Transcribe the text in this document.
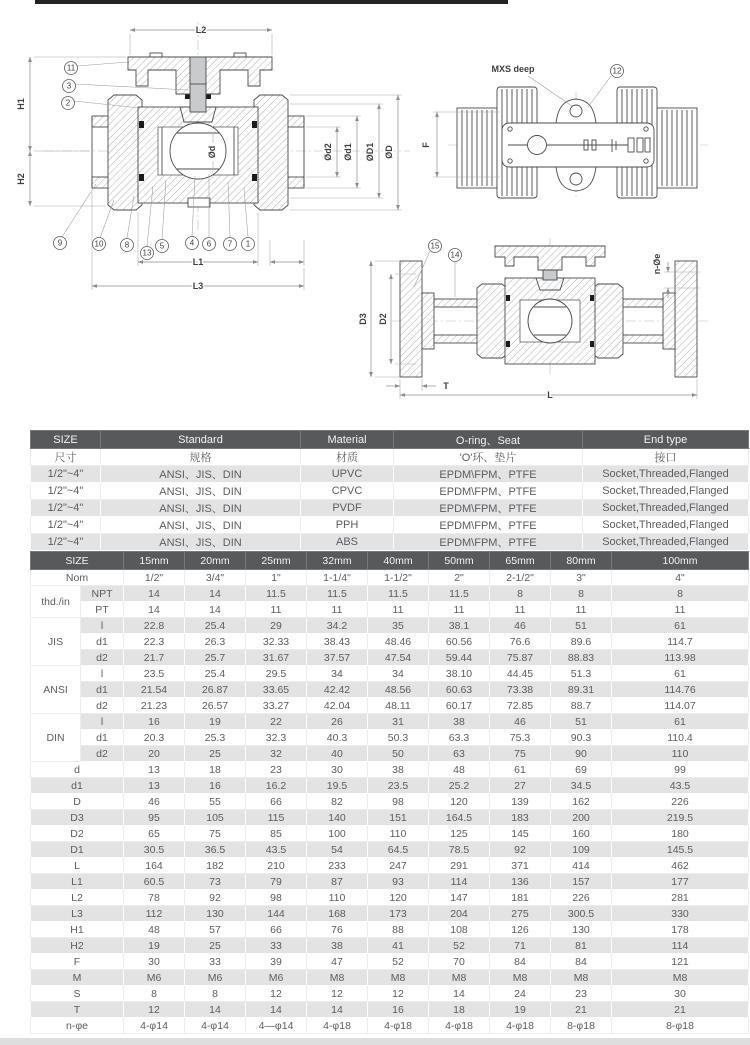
L2
H1
H2
L1
L3
Ød2 Ød1 ØD1 ØD
Ød
11
3
2
9	10	8
13
5	4 6 7 1
MXS deep
F
12
D3 D2
T
L
n-Øe
15
14
SIZE	Standard	Material	O-ring、Seat	End type
尺寸	规格	材质	'O'环、垫片	接口
1/2"~4"	ANSI、JIS、DIN	UPVC	EPDM\FPM、PTFE	Socket,Threaded,Flanged
1/2"~4"	ANSI、JIS、DIN	CPVC	EPDM\FPM、PTFE	Socket,Threaded,Flanged
1/2"~4"	ANSI、JIS、DIN	PVDF	EPDM\FPM、PTFE	Socket,Threaded,Flanged
1/2"~4"	ANSI、JIS、DIN	PPH	EPDM\FPM、PTFE	Socket,Threaded,Flanged
1/2"~4"	ANSI、JIS、DIN	ABS	EPDM\FPM、PTFE	Socket,Threaded,Flanged
SIZE		15mm	20mm	25mm	32mm	40mm	50mm	65mm	80mm	100mm
Nom		1/2"	3/4"	1"	1-1/4"	1-1/2"	2"	2-1/2"	3"	4"
thd./in	NPT	14	14	11.5	11.5	11.5	11.5	8	8	8
	PT	14	14	11	11	11	11	11	11	11
JIS	l	22.8	25.4	29	34.2	35	38.1	46	51	61
	d1	22.3	26.3	32.33	38.43	48.46	60.56	76.6	89.6	114.7
	d2	21.7	25.7	31.67	37.57	47.54	59.44	75.87	88.83	113.98
ANSI	l	23.5	25.4	29.5	34	34	38.10	44.45	51.3	61
	d1	21.54	26.87	33.65	42.42	48.56	60.63	73.38	89.31	114.76
	d2	21.23	26.57	33.27	42.04	48.11	60.17	72.85	88.7	114.07
DIN	l	16	19	22	26	31	38	46	51	61
	d1	20.3	25.3	32.3	40.3	50.3	63.3	75.3	90.3	110.4
	d2	20	25	32	40	50	63	75	90	110
d		13	18	23	30	38	48	61	69	99
d1		13	16	16.2	19.5	23.5	25.2	27	34.5	43.5
D		46	55	66	82	98	120	139	162	226
D3		95	105	115	140	151	164.5	183	200	219.5
D2		65	75	85	100	110	125	145	160	180
D1		30.5	36.5	43.5	54	64.5	78.5	92	109	145.5
L		164	182	210	233	247	291	371	414	462
L1		60.5	73	79	87	93	114	136	157	177
L2		78	92	98	110	120	147	181	226	281
L3		112	130	144	168	173	204	275	300.5	330
H1		48	57	66	76	88	108	126	130	178
H2		19	25	33	38	41	52	71	81	114
F		30	33	39	47	52	70	84	84	121
M		M6	M6	M6	M8	M8	M8	M8	M8	M8
S		8	8	12	12	12	14	24	23	30
T		12	14	14	14	16	18	19	21	21
n-φe		4-φ14	4-φ14	4—φ14	4-φ18	4-φ18	4-φ18	4-φ18	8-φ18	8-φ18
